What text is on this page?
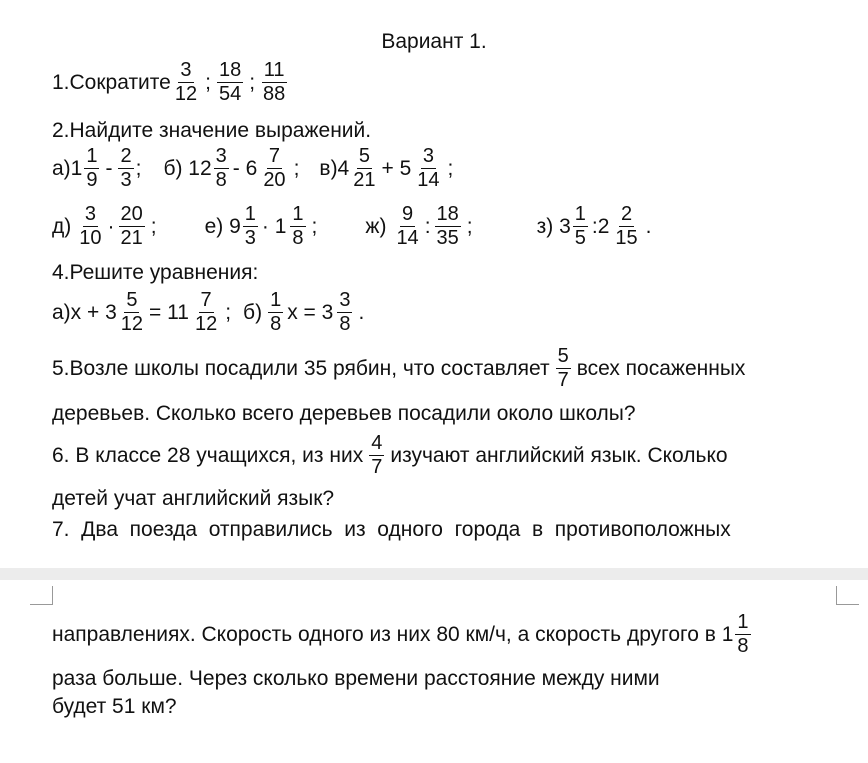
Вариант 1.
1.Сократите $\frac{3}{12}$ ; $\frac{18}{54}$ ; $\frac{11}{88}$
2.Найдите значение выражений.
$а)1 \frac{1}{9} - \frac{2}{3}$ ; б) $12 \frac{3}{8} - 6 \frac{7}{20}$ ; $в)4 \frac{5}{21} + 5 \frac{3}{14}$ ;
$д) \frac{3}{10} \cdot \frac{20}{21}$ ; е) $9 \frac{1}{3} \cdot 1 \frac{1}{8}$ ; $ж) \frac{9}{14}$ : $\frac{18}{35}$ ;	з) $3 \frac{1}{5}$ :2 $\frac{2}{15}$ .
4.Решите уравнения:
$а)х + 3 \frac{5}{12} = 11 \frac{7}{12}$ ; $б) \frac{1}{8}$ $х = 3 \frac{3}{8}$ .
5.Возле школы посадили 35 рябин, что составляет $\frac{5}{7}$ всех посаженных
деревьев. Сколько всего деревьев посадили около школы?
6. В классе 28 учащихся, из них $\frac{4}{7}$ изучают английский язык. Сколько
детей учат английский язык?
7.  Два  поезда  отправились  из  одного  города  в  противоположных
направлениях. Скорость одного из них 80 км/ч, а скорость другого в $1 \frac{1}{8}$
раза больше. Через сколько времени расстояние между ними
будет 51 км?
